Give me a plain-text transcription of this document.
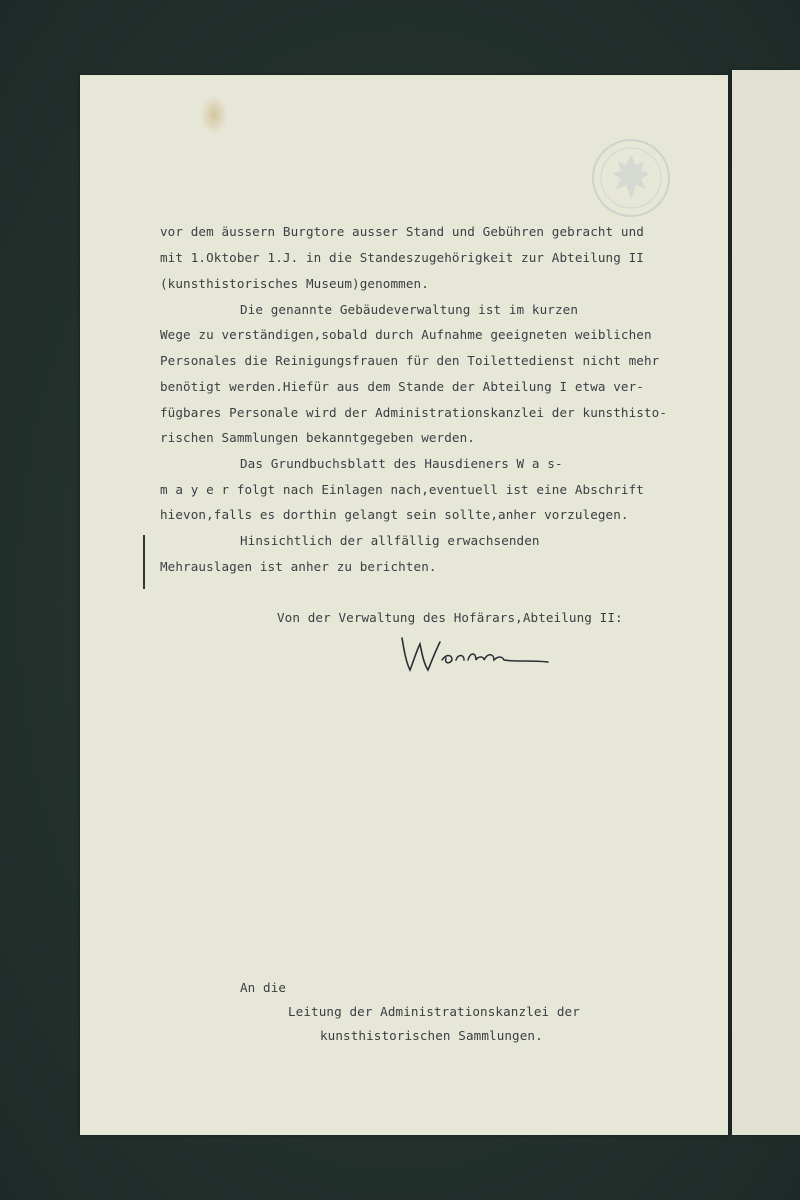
vor dem äussern Burgtore ausser Stand und Gebühren gebracht und
mit 1.Oktober 1.J. in die Standeszugehörigkeit zur Abteilung II
(kunsthistorisches Museum)genommen.
Die genannte Gebäudeverwaltung ist im kurzen
Wege zu verständigen,sobald durch Aufnahme geeigneten weiblichen
Personales die Reinigungsfrauen für den Toilettedienst nicht mehr
benötigt werden.Hiefür aus dem Stande der Abteilung I etwa ver-
fügbares Personale wird der Administrationskanzlei der kunsthisto-
rischen Sammlungen bekanntgegeben werden.
Das Grundbuchsblatt des Hausdieners W a s-
m a y e r folgt nach Einlagen nach,eventuell ist eine Abschrift
hievon,falls es dorthin gelangt sein sollte,anher vorzulegen.
Hinsichtlich der allfällig erwachsenden
Mehrauslagen ist anher zu berichten.
Von der Verwaltung des Hofärars,Abteilung II:
An die
Leitung der Administrationskanzlei der
kunsthistorischen Sammlungen.
